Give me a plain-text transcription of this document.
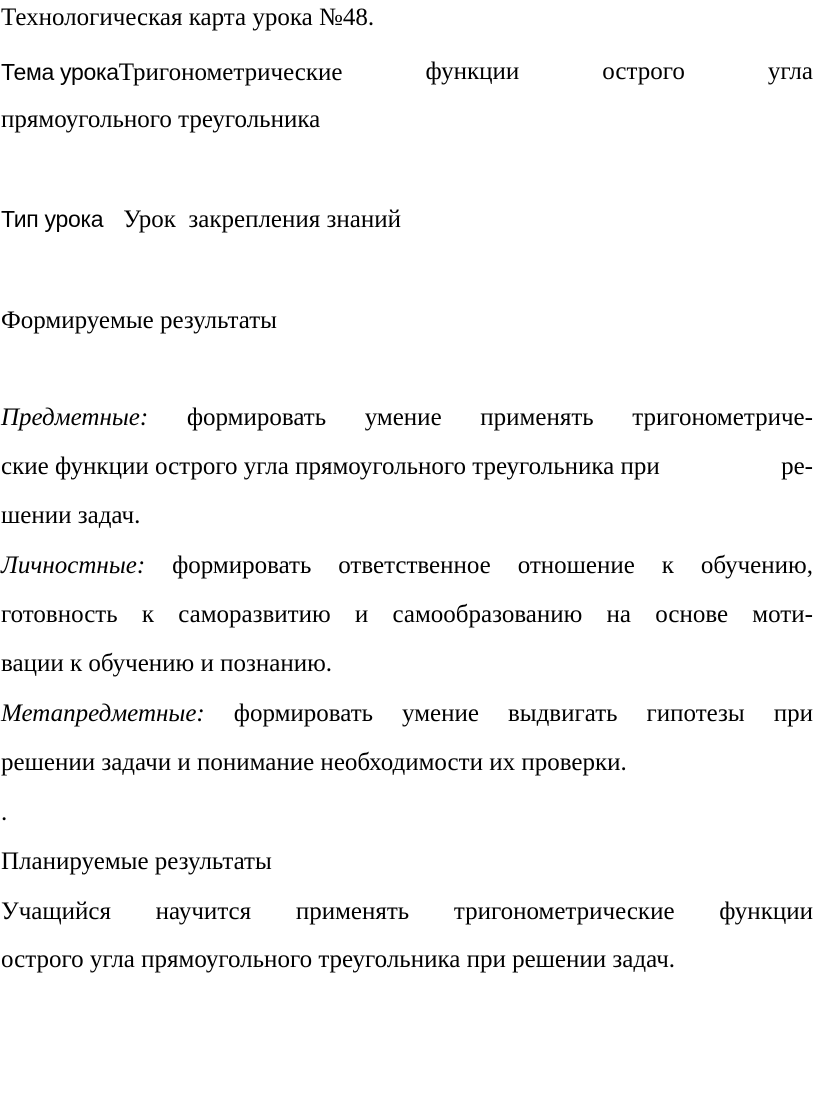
Технологическая карта урока №48.
Тема урокаТригонометрические	функции	острого	угла
прямоугольного треугольника
Тип урока Урок  закрепления знаний
Формируемые результаты
Предметные: формировать умение применять тригонометриче-
ские функции острого угла прямоугольного треугольника при	ре-
шении задач.
Личностные: формировать ответственное отношение к обучению,
готовность к саморазвитию и самообразованию на основе моти-
вации к обучению и познанию.
Метапредметные: формировать умение выдвигать гипотезы при
решении задачи и понимание необходимости их проверки.
.
Планируемые результаты
Учащийся научится применять тригонометрические функции
острого угла прямоугольного треугольника при решении задач.
